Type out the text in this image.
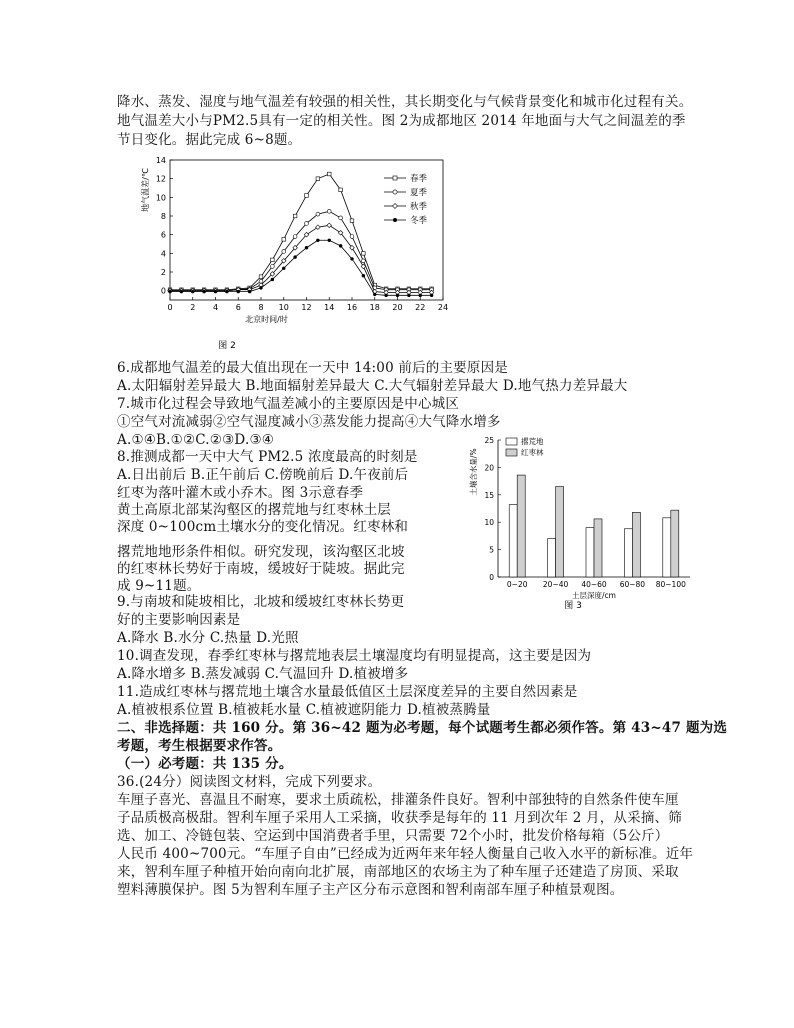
降水、蒸发、湿度与地气温差有较强的相关性，其长期变化与气候背景变化和城市化过程有关。
地气温差大小与PM2.5具有一定的相关性。图 2为成都地区 2014 年地面与大气之间温差的季
节日变化。据此完成 6~8题。
0
2
4
6
8
10
12
14
0 2 4 6 8 10 12 14 16 18 20 22 24
北京时间/时
地气温差/℃	春季
夏季
秋季
冬季
图 2
6.成都地气温差的最大值出现在一天中 14:00 前后的主要原因是
A.太阳辐射差异最大 B.地面辐射差异最大 C.大气辐射差异最大 D.地气热力差异最大
7.城市化过程会导致地气温差减小的主要原因是中心城区
①空气对流减弱②空气湿度减小③蒸发能力提高④大气降水增多
A.①④B.①②C.②③D.③④
8.推测成都一天中大气 PM2.5 浓度最高的时刻是
A.日出前后 B.正午前后 C.傍晚前后 D.午夜前后
红枣为落叶灌木或小乔木。图 3示意春季
黄土高原北部某沟壑区的撂荒地与红枣林土层
深度 0~100cm土壤水分的变化情况。红枣林和
撂荒地地形条件相似。研究发现，该沟壑区北坡
的红枣林长势好于南坡，缓坡好于陡坡。据此完
成 9~11题。
9.与南坡和陡坡相比，北坡和缓坡红枣林长势更
好的主要影响因素是
A.降水 B.水分 C.热量 D.光照
0
5
10
15
20
25
土壤含水量/%
0~20 20~40 40~60 60~80 80~100
土层深度/cm
撂荒地
红枣林
图 3
10.调查发现，春季红枣林与撂荒地表层土壤湿度均有明显提高，这主要是因为
A.降水增多 B.蒸发减弱 C.气温回升 D.植被增多
11.造成红枣林与撂荒地土壤含水量最低值区土层深度差异的主要自然因素是
A.植被根系位置 B.植被耗水量 C.植被遮阴能力 D.植被蒸腾量
二、非选择题：共 160 分。第 36~42 题为必考题，每个试题考生都必须作答。第 43~47 题为选
考题，考生根据要求作答。
（一）必考题：共 135 分。
36.(24分）阅读图文材料，完成下列要求。
车厘子喜光、喜温且不耐寒，要求土质疏松，排灌条件良好。智利中部独特的自然条件使车厘
子品质极高极甜。智利车厘子采用人工采摘，收获季是每年的 11 月到次年 2 月，从采摘、筛
选、加工、冷链包装、空运到中国消费者手里，只需要 72个小时，批发价格每箱（5公斤）
人民币 400~700元。“车厘子自由”已经成为近两年来年轻人衡量自己收入水平的新标准。近年
来，智利车厘子种植开始向南向北扩展，南部地区的农场主为了种车厘子还建造了房顶、采取
塑料薄膜保护。图 5为智利车厘子主产区分布示意图和智利南部车厘子种植景观图。
